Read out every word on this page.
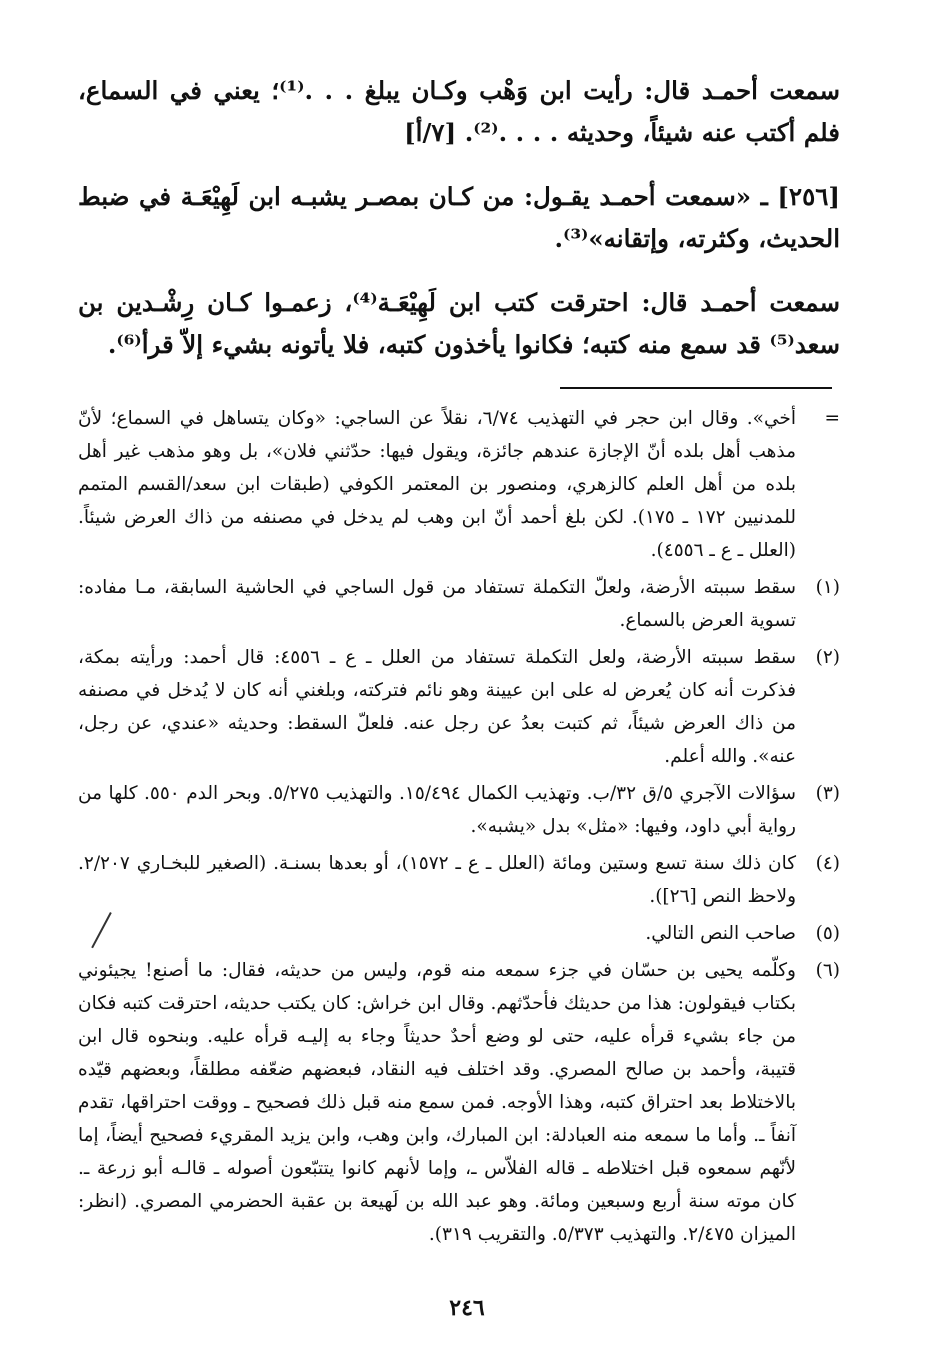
سمعت أحمـد قال: رأيت ابن وَهْب وكـان يبلغ . . .⁽¹⁾؛ يعني في السماع، فلم أكتب عنه شيئاً، وحديثه . . . .⁽²⁾. [٧/أ]

[٢٥٦] ـ «سمعت أحمـد يقـول: من كـان بمصـر يشبـه ابن لَهِيْعَـة في ضبط الحديث، وكثرته، وإتقانه»⁽³⁾.

سمعت أحمـد قال: احترقت كتب ابن لَهِيْعَـة⁽⁴⁾، زعمـوا كـان رِشْـدين بن سعد⁽⁵⁾ قد سمع منه كتبه؛ فكانوا يأخذون كتبه، فلا يأتونه بشيء إلاّ قرأ⁽⁶⁾.

=
أخي». وقال ابن حجر في التهذيب ٦/٧٤، نقلاً عن الساجي: «وكان يتساهل في السماع؛ لأنّ مذهب أهل بلده أنّ الإجازة عندهم جائزة، ويقول فيها: حدّثني فلان»، بل وهو مذهب غير أهل بلده من أهل العلم كالزهري، ومنصور بن المعتمر الكوفي (طبقات ابن سعد/القسم المتمم للمدنيين ١٧٢ ـ ١٧٥). لكن بلغ أحمد أنّ ابن وهب لم يدخل في مصنفه من ذاك العرض شيئاً. (العلل ـ ع ـ ٤٥٥٦).
(١)
سقط سببته الأرضة، ولعلّ التكملة تستفاد من قول الساجي في الحاشية السابقة، مـا مفاده: تسوية العرض بالسماع.
(٢)
سقط سببته الأرضة، ولعل التكملة تستفاد من العلل ـ ع ـ ٤٥٥٦: قال أحمد: ورأيته بمكة، فذكرت أنه كان يُعرض له على ابن عيينة وهو نائم فتركته، وبلغني أنه كان لا يُدخل في مصنفه من ذاك العرض شيئاً، ثم كتبت بعدُ عن رجل عنه. فلعلّ السقط: وحديثه «عندي، عن رجل، عنه». والله أعلم.
(٣)
سؤالات الآجري ٥/ق ٣٢/ب. وتهذيب الكمال ١٥/٤٩٤. والتهذيب ٥/٢٧٥. وبحر الدم ٥٥٠. كلها من رواية أبي داود، وفيها: «مثل» بدل «يشبه».
(٤)
كان ذلك سنة تسع وستين ومائة (العلل ـ ع ـ ١٥٧٢)، أو بعدها بسنـة. (الصغير للبخـاري ٢/٢٠٧. ولاحظ النص [٢٦]).
(٥)
صاحب النص التالي.
(٦)
وكلّمه يحيى بن حسّان في جزء سمعه منه قوم، وليس من حديثه، فقال: ما أصنع! يجيئوني بكتاب فيقولون: هذا من حديثك فأحدّثهم. وقال ابن خراش: كان يكتب حديثه، احترقت كتبه فكان من جاء بشيء قرأه عليه، حتى لو وضع أحدٌ حديثاً وجاء به إليـه قرأه عليه. وبنحوه قال ابن قتيبة، وأحمد بن صالح المصري. وقد اختلف فيه النقاد، فبعضهم ضعّفه مطلقاً، وبعضهم قيّده بالاختلاط بعد احتراق كتبه، وهذا الأوجه. فمن سمع منه قبل ذلك فصحيح ـ ووقت احتراقها، تقدم آنفاً ـ. وأما ما سمعه منه العبادلة: ابن المبارك، وابن وهب، وابن يزيد المقريء فصحيح أيضاً، إما لأنّهم سمعوه قبل اختلاطه ـ قاله الفلاّس ـ، وإما لأنهم كانوا يتتبّعون أصوله ـ قالـه أبو زرعة ـ. كان موته سنة أربع وسبعين ومائة. وهو عبد الله بن لَهيعة بن عقبة الحضرمي المصري. (انظر: الميزان ٢/٤٧٥. والتهذيب ٥/٣٧٣. والتقريب ٣١٩).
٢٤٦
